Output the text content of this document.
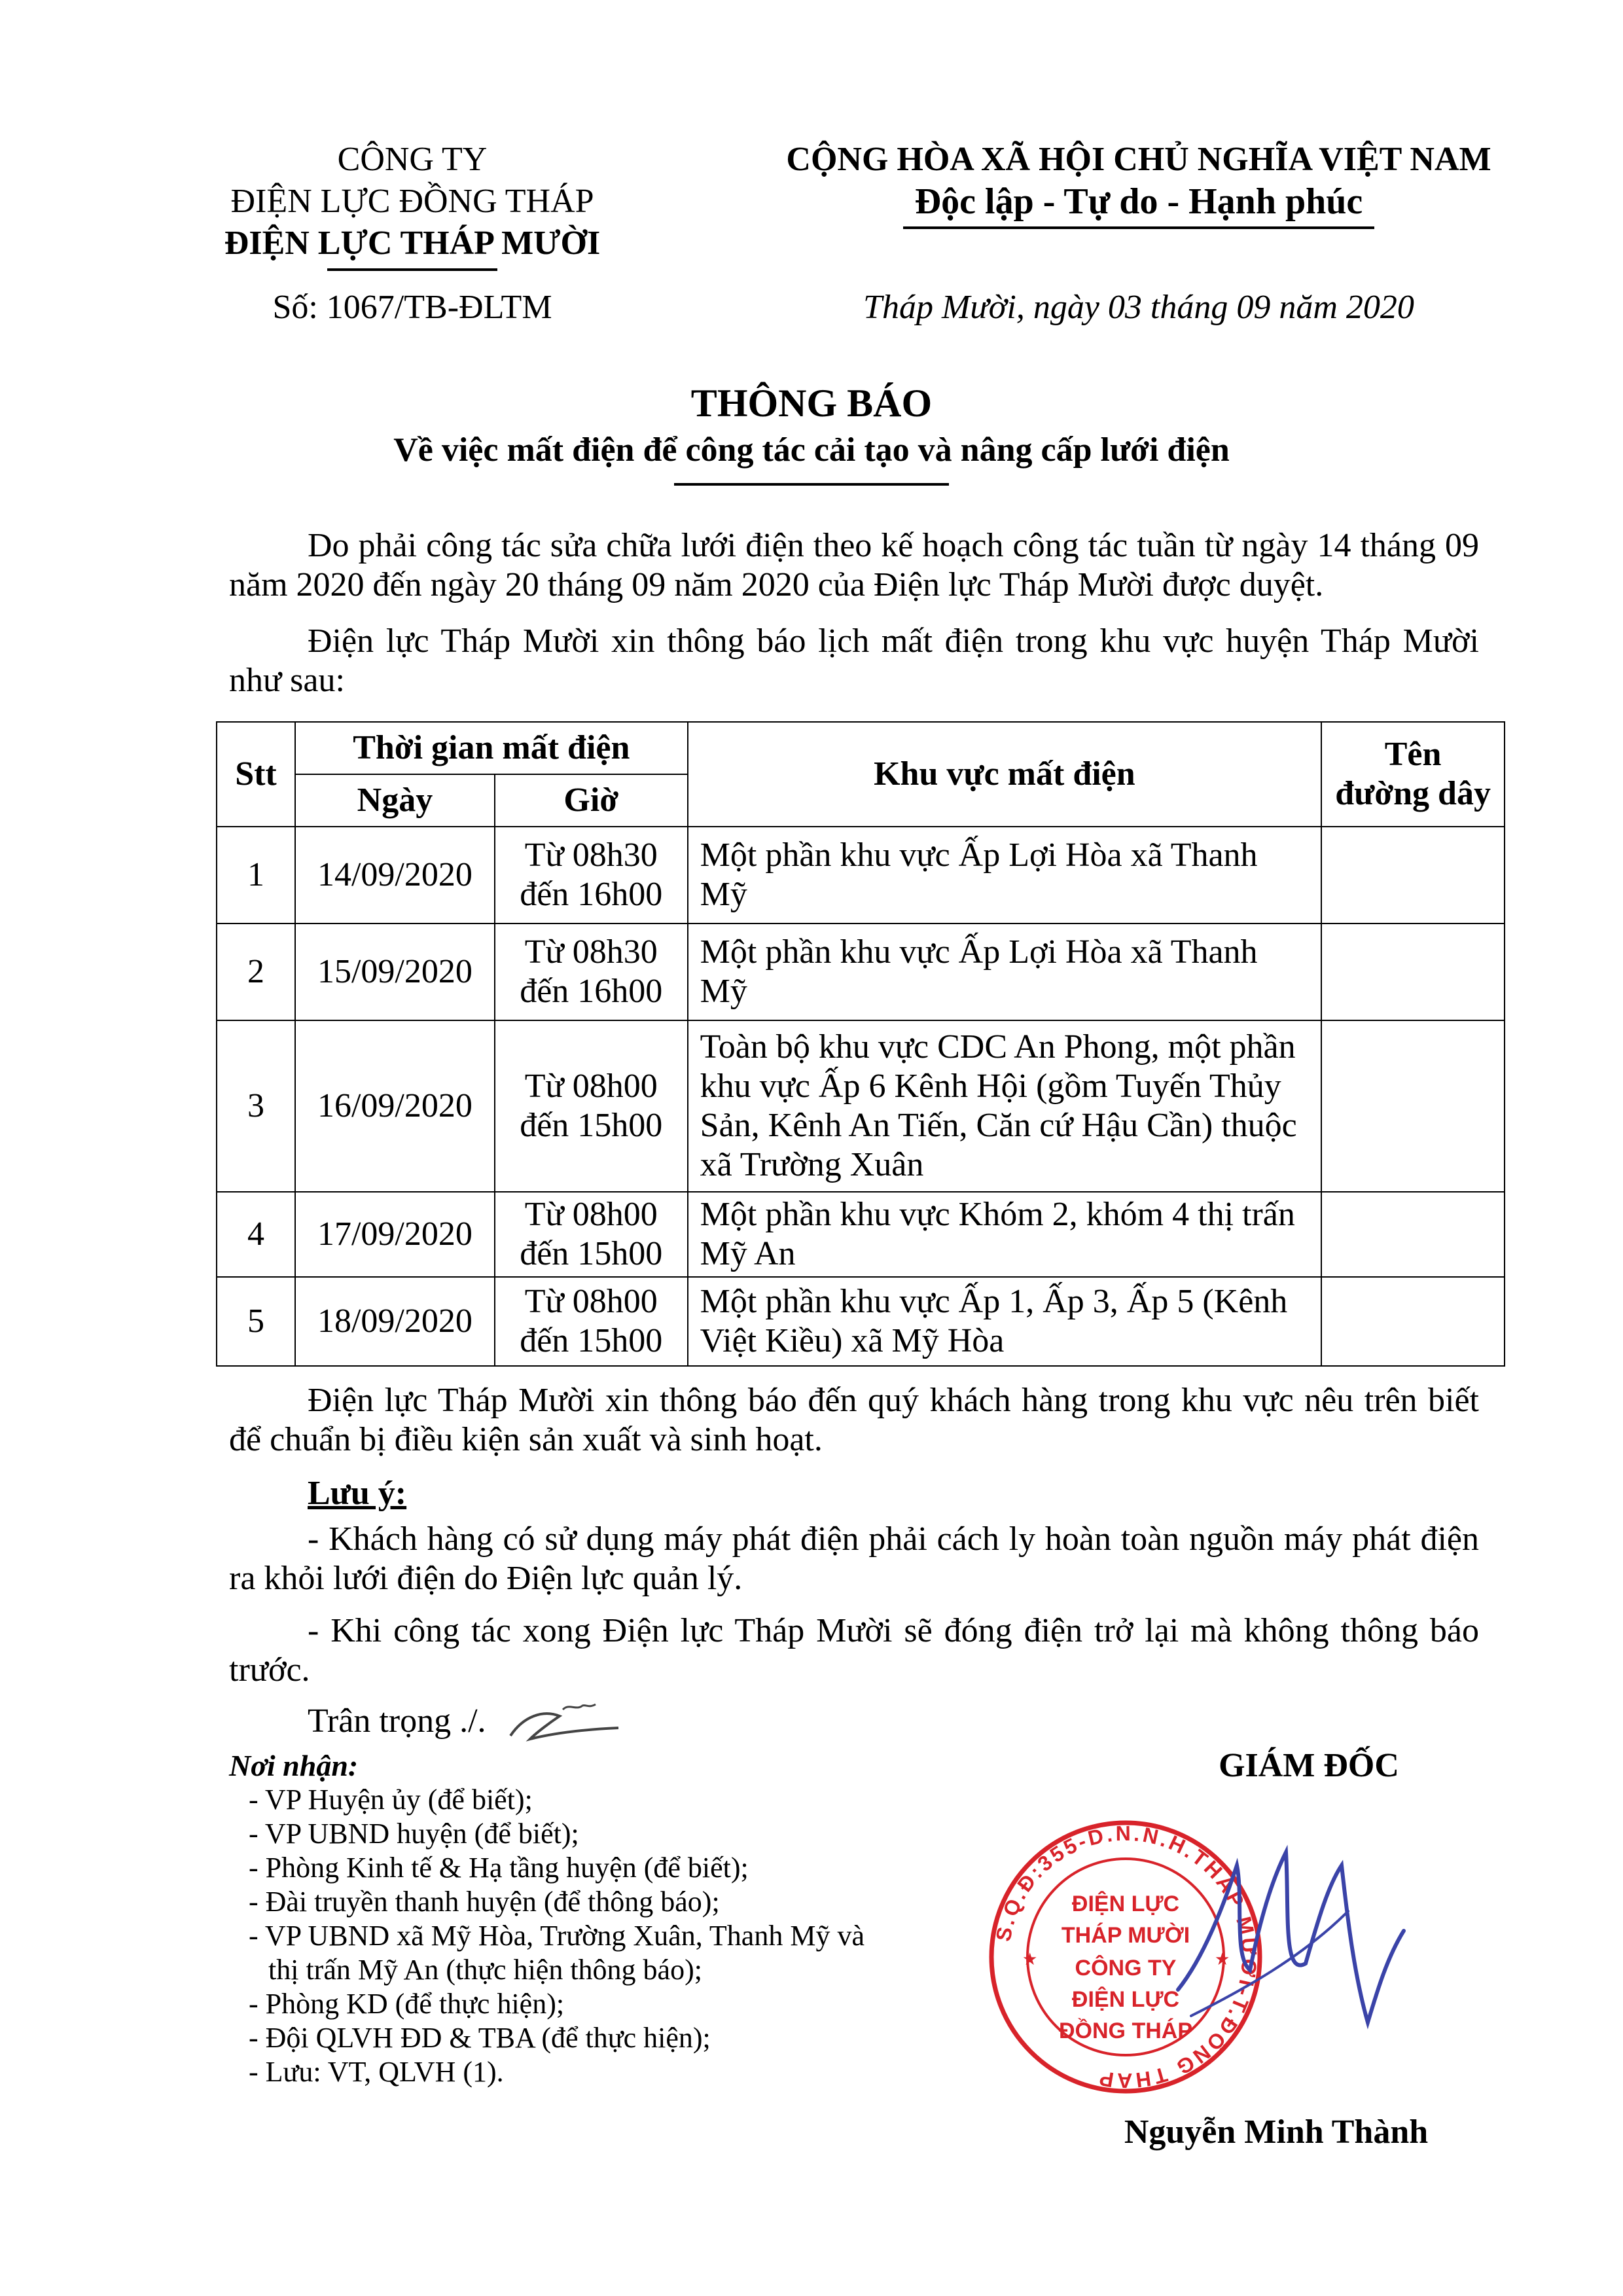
CÔNG TY
ĐIỆN LỰC ĐỒNG THÁP
ĐIỆN LỰC THÁP MƯỜI
CỘNG HÒA XÃ HỘI CHỦ NGHĨA VIỆT NAM
Độc lập - Tự do - Hạnh phúc
Số: 1067/TB-ĐLTM	Tháp Mười, ngày 03 tháng 09 năm 2020
THÔNG BÁO
Về việc mất điện để công tác cải tạo và nâng cấp lưới điện
Do phải công tác sửa chữa lưới điện theo kế hoạch công tác tuần từ ngày 14 tháng 09 năm 2020 đến ngày 20 tháng 09 năm 2020 của Điện lực Tháp Mười được duyệt.
Điện lực Tháp Mười xin thông báo lịch mất điện trong khu vực huyện Tháp Mười như sau:
Stt	Thời gian mất điện		Khu vực mất điện	Tên đường dây
	Ngày	Giờ		
1	14/09/2020	Từ 08h30 đến 16h00	Một phần khu vực Ấp Lợi Hòa xã Thanh Mỹ	
2	15/09/2020	Từ 08h30 đến 16h00	Một phần khu vực Ấp Lợi Hòa xã Thanh Mỹ	
3	16/09/2020	Từ 08h00 đến 15h00	Toàn bộ khu vực CDC An Phong, một phần khu vực Ấp 6 Kênh Hội (gồm Tuyến Thủy Sản, Kênh An Tiến, Căn cứ Hậu Cần) thuộc xã Trường Xuân	
4	17/09/2020	Từ 08h00 đến 15h00	Một phần khu vực Khóm 2, khóm 4 thị trấn Mỹ An	
5	18/09/2020	Từ 08h00 đến 15h00	Một phần khu vực Ấp 1, Ấp 3, Ấp 5 (Kênh Việt Kiều) xã Mỹ Hòa	
Điện lực Tháp Mười xin thông báo đến quý khách hàng trong khu vực nêu trên biết để chuẩn bị điều kiện sản xuất và sinh hoạt.
Lưu ý:
- Khách hàng có sử dụng máy phát điện phải cách ly hoàn toàn nguồn máy phát điện ra khỏi lưới điện do Điện lực quản lý.
- Khi công tác xong Điện lực Tháp Mười sẽ đóng điện trở lại mà không thông báo trước.
Trân trọng ./.
Nơi nhận:
- VP Huyện ủy (để biết);
- VP UBND huyện (để biết);
- Phòng Kinh tế & Hạ tầng huyện (để biết);
- Đài truyền thanh huyện (để thông báo);
- VP UBND xã Mỹ Hòa, Trường Xuân, Thanh Mỹ và
thị trấn Mỹ An (thực hiện thông báo);
- Phòng KD (để thực hiện);
- Đội QLVH ĐD & TBA (để thực hiện);
- Lưu: VT, QLVH (1).
GIÁM ĐỐC
S.Q.Đ:355-D.N.N.H.THÁP MƯỜI-T.ĐỒNG THÁP
ĐIỆN LỰC
THÁP MƯỜI
CÔNG TY
ĐIỆN LỰC
ĐỒNG THÁP
★	★
Nguyễn Minh Thành
